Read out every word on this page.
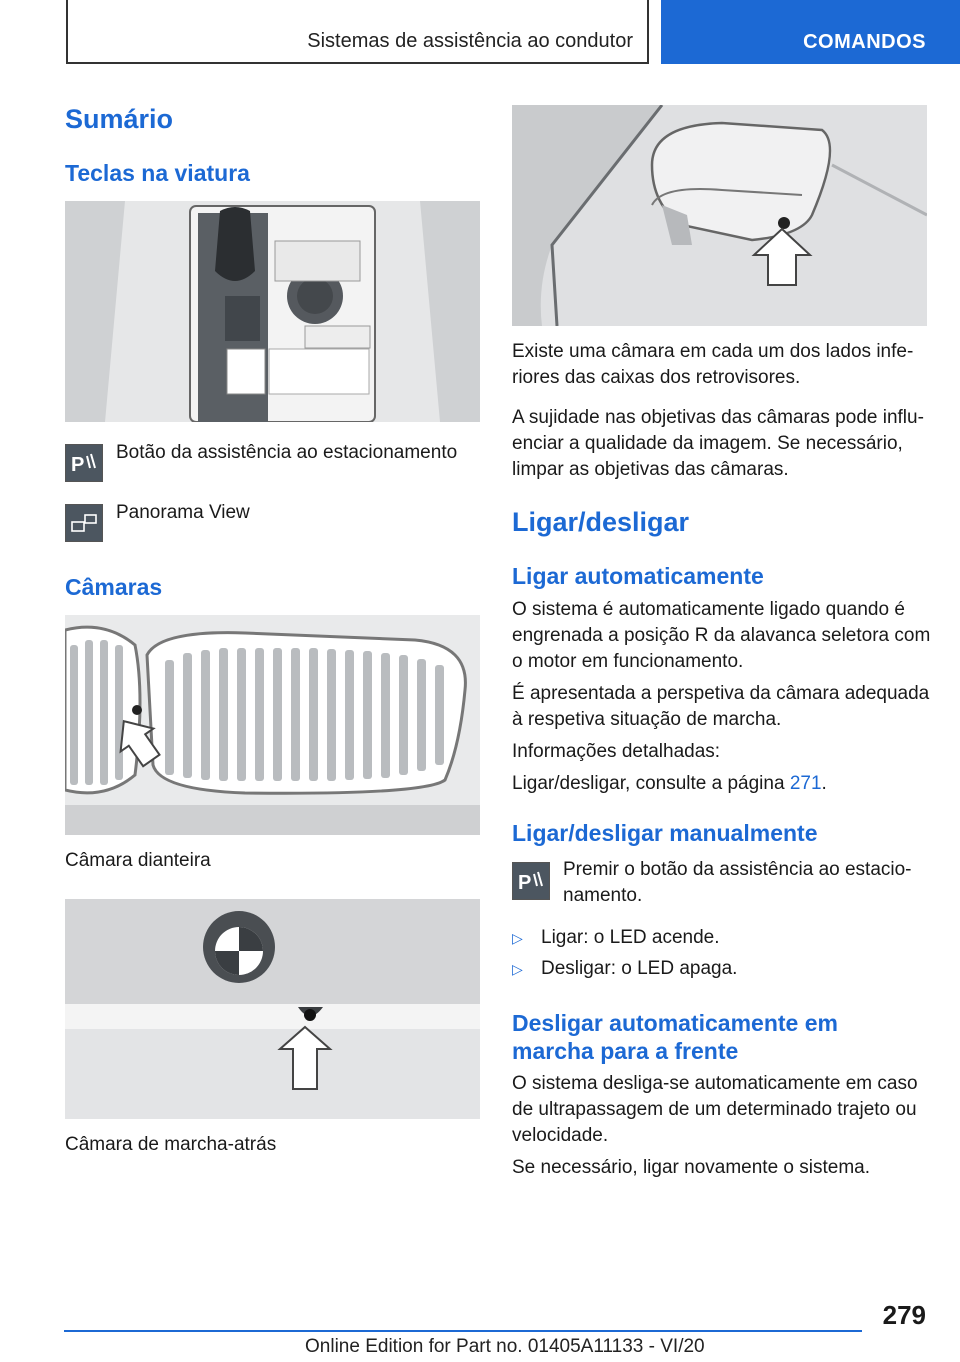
Sistemas de assistência ao condutor	COMANDOS
Sumário
Teclas na viatura
P
Botão da assistência ao estacionamento
Panorama View
Câmaras
Câmara dianteira
Câmara de marcha-atrás
Existe uma câmara em cada um dos lados infe-
riores das caixas dos retrovisores.
A sujidade nas objetivas das câmaras pode influ-
enciar a qualidade da imagem. Se necessário,
limpar as objetivas das câmaras.
Ligar/desligar
Ligar automaticamente
O sistema é automaticamente ligado quando é
engrenada a posição R da alavanca seletora com
o motor em funcionamento.
É apresentada a perspetiva da câmara adequada
à respetiva situação de marcha.
Informações detalhadas:
Ligar/desligar, consulte a página 271.
Ligar/desligar manualmente
P
Premir o botão da assistência ao estacio-
namento.
▷ Ligar: o LED acende.
▷ Desligar: o LED apaga.
Desligar automaticamente em
marcha para a frente
O sistema desliga-se automaticamente em caso
de ultrapassagem de um determinado trajeto ou
velocidade.
Se necessário, ligar novamente o sistema.
279
Online Edition for Part no. 01405A11133 - VI/20
